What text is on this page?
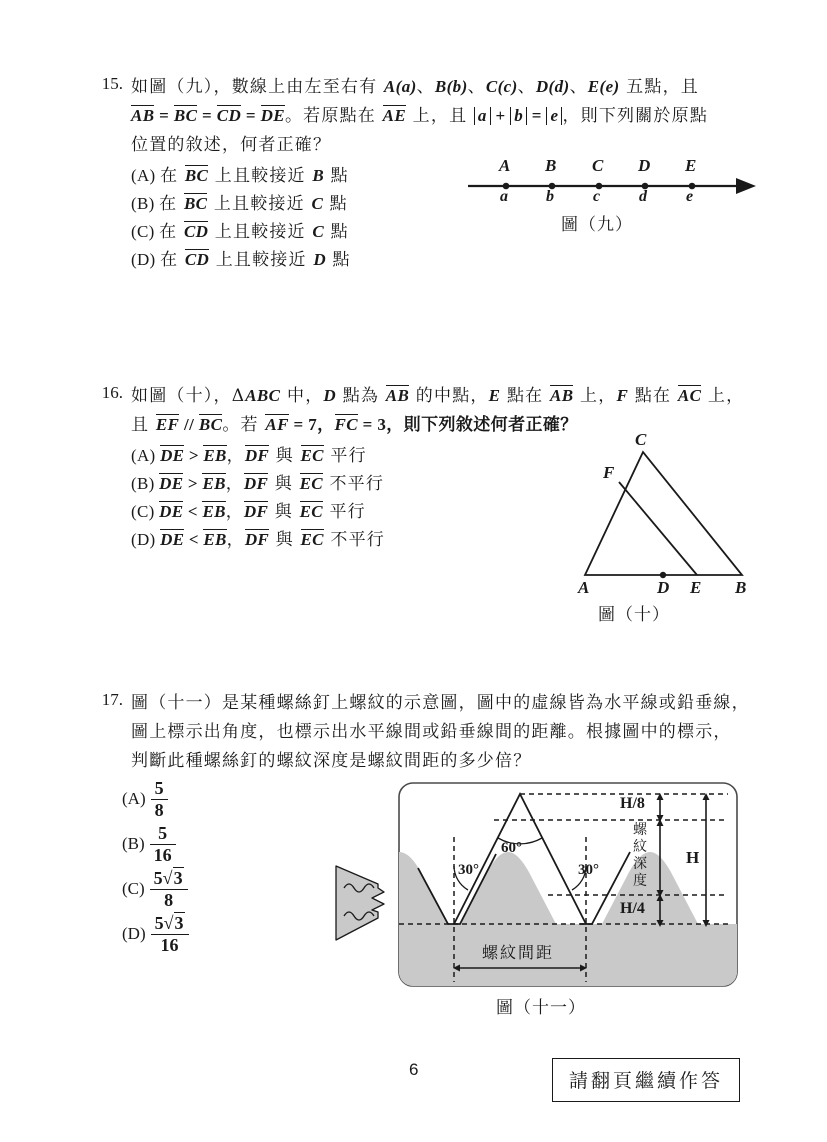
15. 如圖（九），數線上由左至右有 A(a)、B(b)、C(c)、D(d)、E(e) 五點，且
AB = BC = CD = DE。若原點在 AE 上，且 a + b = e ，則下列關於原點
位置的敘述，何者正確？
(A) 在 BC 上且較接近 B 點
(B) 在 BC 上且較接近 C 點
(C) 在 CD 上且較接近 C 點
(D) 在 CD 上且較接近 D 點
A B C D E
a b c d e
圖（九）
16. 如圖（十），ΔABC 中，D 點為 AB 的中點，E 點在 AB 上，F 點在 AC 上，
且 EF // BC。若 AF = 7，FC = 3，則下列敘述何者正確？
(A) DE > EB，DF 與 EC 平行
(B) DE > EB，DF 與 EC 不平行
(C) DE < EB，DF 與 EC 平行
(D) DE < EB，DF 與 EC 不平行
C
F
A	D E B
圖（十）
17. 圖（十一）是某種螺絲釘上螺紋的示意圖，圖中的虛線皆為水平線或鉛垂線，
圖上標示出角度，也標示出水平線間或鉛垂線間的距離。根據圖中的標示，
判斷此種螺絲釘的螺紋深度是螺紋間距的多少倍？
$(A) \frac{5}{8}$
$(B) \frac{5}{16}$
$(C) \frac{5√3}{8}$
$(D) \frac{5√3}{16}$
60°
30°	30°
H/8
H/4
H
螺紋深度
螺紋間距
圖（十一）
6
請翻頁繼續作答
